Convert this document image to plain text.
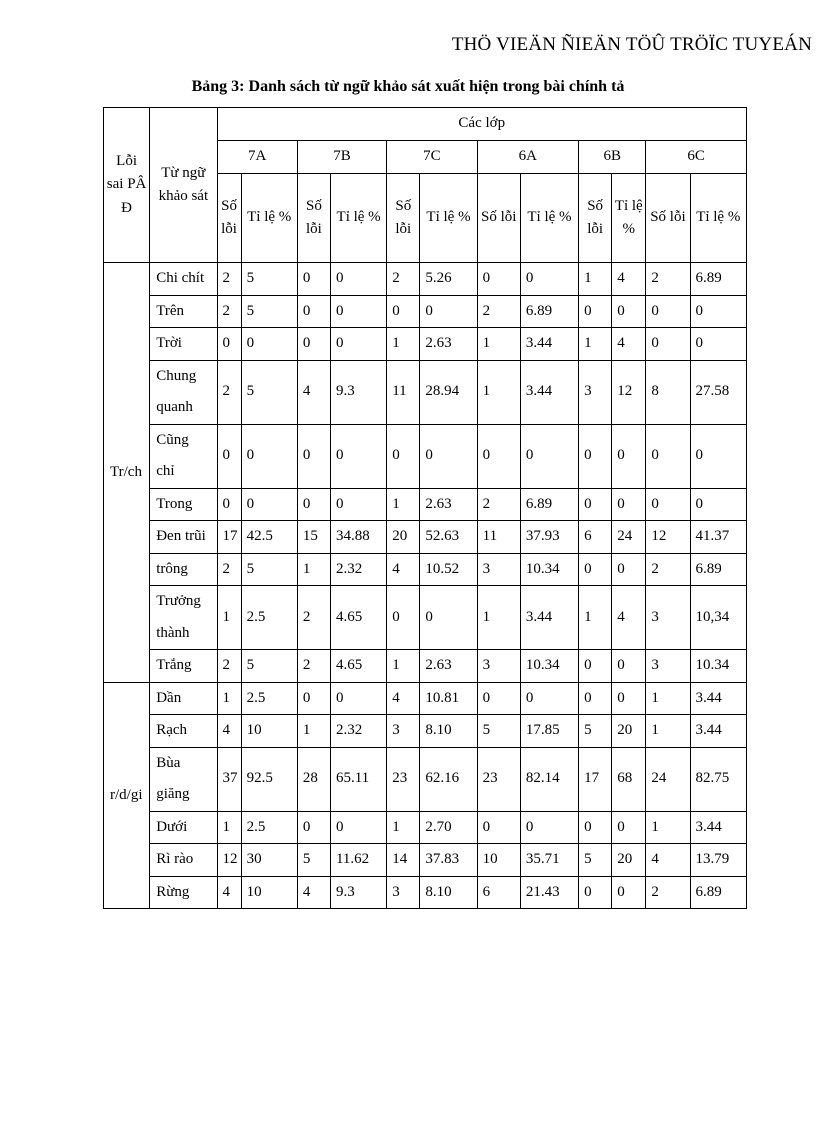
THÖ VIEÄN ÑIEÄN TÖÛ TRÖÏC TUYEÁN
Bảng 3: Danh sách từ ngữ khảo sát xuất hiện trong bài chính tả
Lỗi sai PÂ Đ	Từ ngữ khảo sát	Các lớp											
		7A		7B		7C		6A		6B		6C	
		Số lỗi	Tỉ lệ %	Số lỗi	Tỉ lệ %	Số lỗi	Tỉ lệ %	Số lỗi	Tỉ lệ %	Số lỗi	Tỉ lệ %	Số lỗi	Tỉ lệ %
Tr/ch	Chi chít	2	5	0	0	2	5.26	0	0	1	4	2	6.89
	Trên	2	5	0	0	0	0	2	6.89	0	0	0	0
	Trời	0	0	0	0	1	2.63	1	3.44	1	4	0	0
	Chung quanh	2	5	4	9.3	11	28.94	1	3.44	3	12	8	27.58
	Cũng chỉ	0	0	0	0	0	0	0	0	0	0	0	0
	Trong	0	0	0	0	1	2.63	2	6.89	0	0	0	0
	Đen trũi	17	42.5	15	34.88	20	52.63	11	37.93	6	24	12	41.37
	trông	2	5	1	2.32	4	10.52	3	10.34	0	0	2	6.89
	Trưởng thành	1	2.5	2	4.65	0	0	1	3.44	1	4	3	10,34
	Trắng	2	5	2	4.65	1	2.63	3	10.34	0	0	3	10.34
r/d/gi	Dần	1	2.5	0	0	4	10.81	0	0	0	0	1	3.44
	Rạch	4	10	1	2.32	3	8.10	5	17.85	5	20	1	3.44
	Bùa giăng	37	92.5	28	65.11	23	62.16	23	82.14	17	68	24	82.75
	Dưới	1	2.5	0	0	1	2.70	0	0	0	0	1	3.44
	Rì rào	12	30	5	11.62	14	37.83	10	35.71	5	20	4	13.79
	Rừng	4	10	4	9.3	3	8.10	6	21.43	0	0	2	6.89
